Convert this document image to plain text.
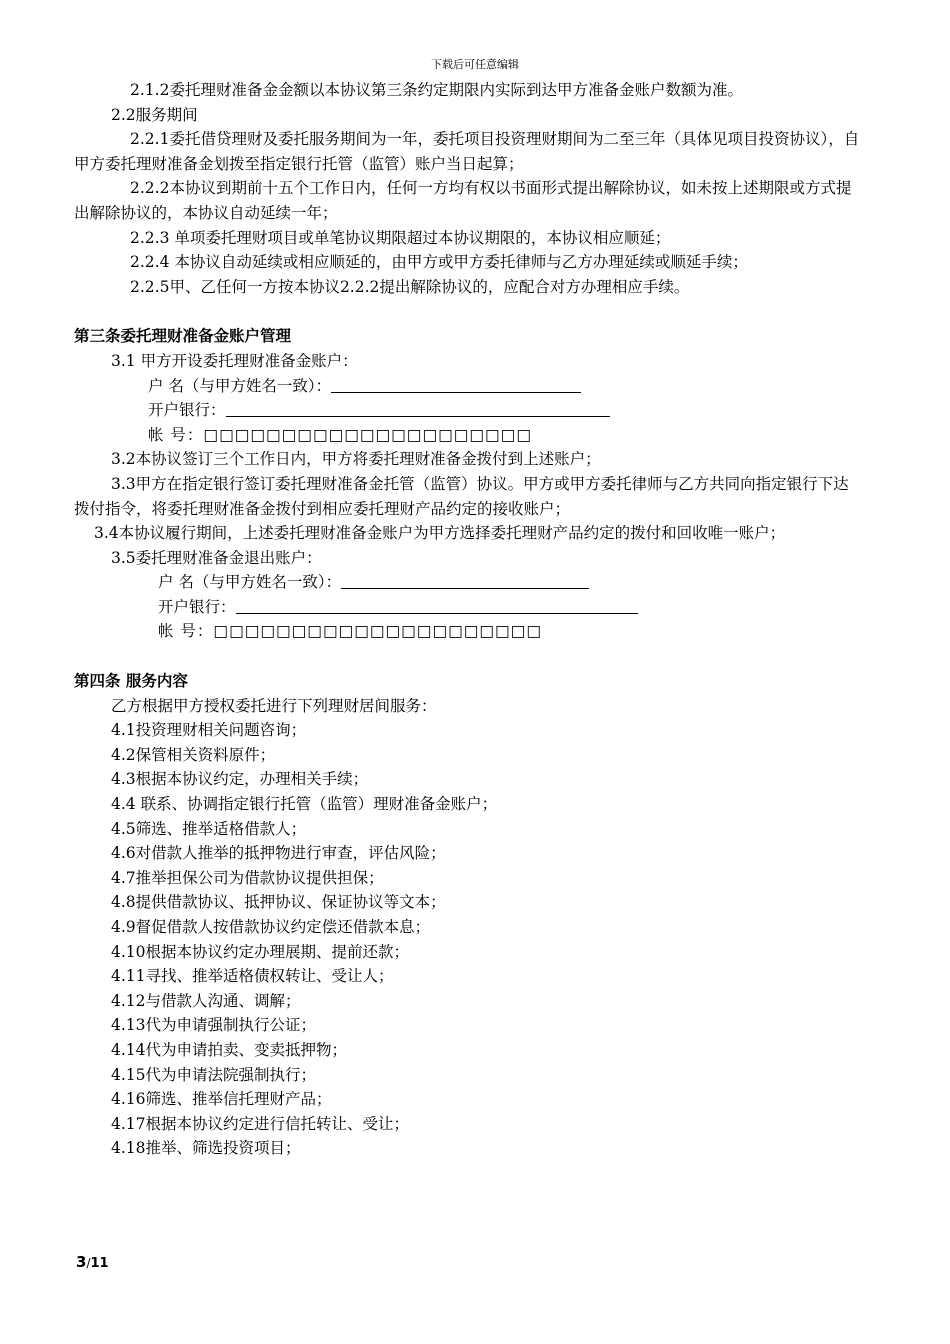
下载后可任意编辑

2.1.2委托理财准备金金额以本协议第三条约定期限内实际到达甲方准备金账户数额为准。

2.2服务期间

2.2.1委托借贷理财及委托服务期间为一年，委托项目投资理财期间为二至三年（具体见项目投资协议），自甲方委托理财准备金划拨至指定银行托管（监管）账户当日起算；

2.2.2本协议到期前十五个工作日内，任何一方均有权以书面形式提出解除协议，如未按上述期限或方式提出解除协议的，本协议自动延续一年；

2.2.3 单项委托理财项目或单笔协议期限超过本协议期限的，本协议相应顺延；

2.2.4 本协议自动延续或相应顺延的，由甲方或甲方委托律师与乙方办理延续或顺延手续；

2.2.5甲、乙任何一方按本协议2.2.2提出解除协议的，应配合对方办理相应手续。

第三条委托理财准备金账户管理

3.1 甲方开设委托理财准备金账户：

户 名（与甲方姓名一致）：

开户银行：

帐 号：□□□□□□□□□□□□□□□□□□□□□

3.2本协议签订三个工作日内，甲方将委托理财准备金拨付到上述账户；

3.3甲方在指定银行签订委托理财准备金托管（监管）协议。甲方或甲方委托律师与乙方共同向指定银行下达拨付指令，将委托理财准备金拨付到相应委托理财产品约定的接收账户；

3.4本协议履行期间，上述委托理财准备金账户为甲方选择委托理财产品约定的拨付和回收唯一账户；

3.5委托理财准备金退出账户：

户 名（与甲方姓名一致）：

开户银行：

帐 号：□□□□□□□□□□□□□□□□□□□□□

第四条 服务内容

乙方根据甲方授权委托进行下列理财居间服务：

4.1投资理财相关问题咨询；

4.2保管相关资料原件；

4.3根据本协议约定，办理相关手续；

4.4 联系、协调指定银行托管（监管）理财准备金账户；

4.5筛选、推举适格借款人；

4.6对借款人推举的抵押物进行审查，评估风险；

4.7推举担保公司为借款协议提供担保；

4.8提供借款协议、抵押协议、保证协议等文本；

4.9督促借款人按借款协议约定偿还借款本息；

4.10根据本协议约定办理展期、提前还款；

4.11寻找、推举适格债权转让、受让人；

4.12与借款人沟通、调解；

4.13代为申请强制执行公证；

4.14代为申请拍卖、变卖抵押物；

4.15代为申请法院强制执行；

4.16筛选、推举信托理财产品；

4.17根据本协议约定进行信托转让、受让；

4.18推举、筛选投资项目；

3/11
